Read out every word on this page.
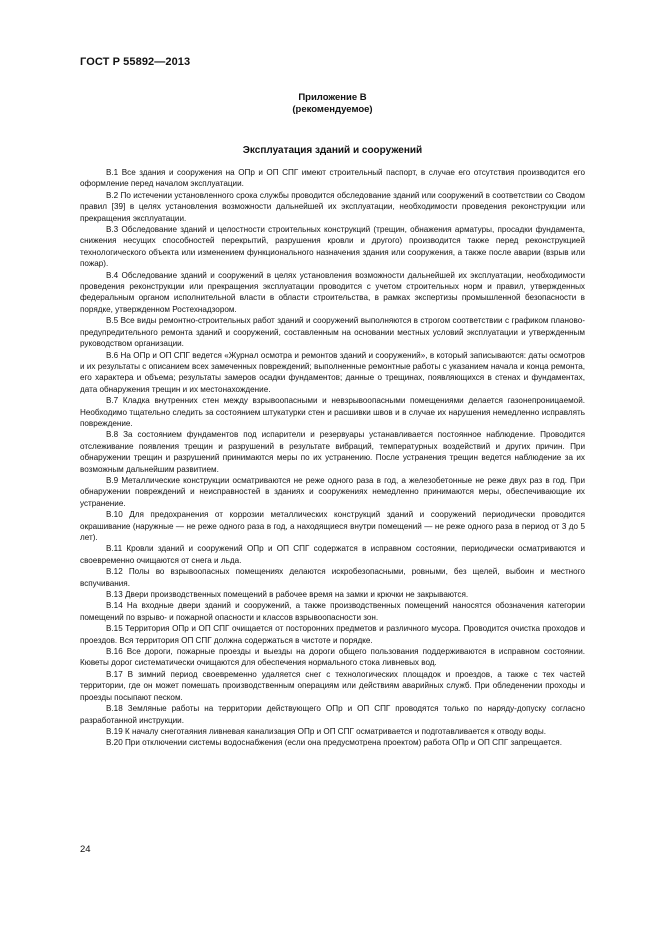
ГОСТ Р 55892—2013
Приложение В
(рекомендуемое)
Эксплуатация зданий и сооружений

В.1 Все здания и сооружения на ОПр и ОП СПГ имеют строительный паспорт, в случае его отсутствия производится его оформление перед началом эксплуатации.

В.2 По истечении установленного срока службы проводится обследование зданий или сооружений в соответствии со Сводом правил [39] в целях установления возможности дальнейшей их эксплуатации, необходимости проведения реконструкции или прекращения эксплуатации.

В.3 Обследование зданий и целостности строительных конструкций (трещин, обнажения арматуры, просадки фундамента, снижения несущих способностей перекрытий, разрушения кровли и другого) производится также перед реконструкцией технологического объекта или изменением функционального назначения здания или сооружения, а также после аварии (взрыв или пожар).

В.4 Обследование зданий и сооружений в целях установления возможности дальнейшей их эксплуатации, необходимости проведения реконструкции или прекращения эксплуатации проводится с учетом строительных норм и правил, утвержденных федеральным органом исполнительной власти в области строительства, в рамках экспертизы промышленной безопасности в порядке, утвержденном Ростехнадзором.

В.5 Все виды ремонтно-строительных работ зданий и сооружений выполняются в строгом соответствии с графиком планово-предупредительного ремонта зданий и сооружений, составленным на основании местных условий эксплуатации и утвержденным руководством организации.

В.6 На ОПр и ОП СПГ ведется «Журнал осмотра и ремонтов зданий и сооружений», в который записываются: даты осмотров и их результаты с описанием всех замеченных повреждений; выполненные ремонтные работы с указанием начала и конца ремонта, его характера и объема; результаты замеров осадки фундаментов; данные о трещинах, появляющихся в стенах и фундаментах, дата обнаружения трещин и их местонахождение.

В.7 Кладка внутренних стен между взрывоопасными и невзрывоопасными помещениями делается газонепроницаемой. Необходимо тщательно следить за состоянием штукатурки стен и расшивки швов и в случае их нарушения немедленно исправлять повреждение.

В.8 За состоянием фундаментов под испарители и резервуары устанавливается постоянное наблюдение. Проводится отслеживание появления трещин и разрушений в результате вибраций, температурных воздействий и других причин. При обнаружении трещин и разрушений принимаются меры по их устранению. После устранения трещин ведется наблюдение за их возможным дальнейшим развитием.

В.9 Металлические конструкции осматриваются не реже одного раза в год, а железобетонные не реже двух раз в год. При обнаружении повреждений и неисправностей в зданиях и сооружениях немедленно принимаются меры, обеспечивающие их устранение.

В.10 Для предохранения от коррозии металлических конструкций зданий и сооружений периодически проводится окрашивание (наружные — не реже одного раза в год, а находящиеся внутри помещений — не реже одного раза в период от 3 до 5 лет).

В.11 Кровли зданий и сооружений ОПр и ОП СПГ содержатся в исправном состоянии, периодически осматриваются и своевременно очищаются от снега и льда.

В.12 Полы во взрывоопасных помещениях делаются искробезопасными, ровными, без щелей, выбоин и местного вспучивания.

В.13 Двери производственных помещений в рабочее время на замки и крючки не закрываются.

В.14 На входные двери зданий и сооружений, а также производственных помещений наносятся обозначения категории помещений по взрыво- и пожарной опасности и классов взрывоопасности зон.

В.15 Территория ОПр и ОП СПГ очищается от посторонних предметов и различного мусора. Проводится очистка проходов и проездов. Вся территория ОП СПГ должна содержаться в чистоте и порядке.

В.16 Все дороги, пожарные проезды и выезды на дороги общего пользования поддерживаются в исправном состоянии. Кюветы дорог систематически очищаются для обеспечения нормального стока ливневых вод.

В.17 В зимний период своевременно удаляется снег с технологических площадок и проездов, а также с тех частей территории, где он может помешать производственным операциям или действиям аварийных служб. При обледенении проходы и проезды посыпают песком.

В.18 Земляные работы на территории действующего ОПр и ОП СПГ проводятся только по наряду-допуску согласно разработанной инструкции.

В.19 К началу снеготаяния ливневая канализация ОПр и ОП СПГ осматривается и подготавливается к отводу воды.

В.20 При отключении системы водоснабжения (если она предусмотрена проектом) работа ОПр и ОП СПГ запрещается.

24
